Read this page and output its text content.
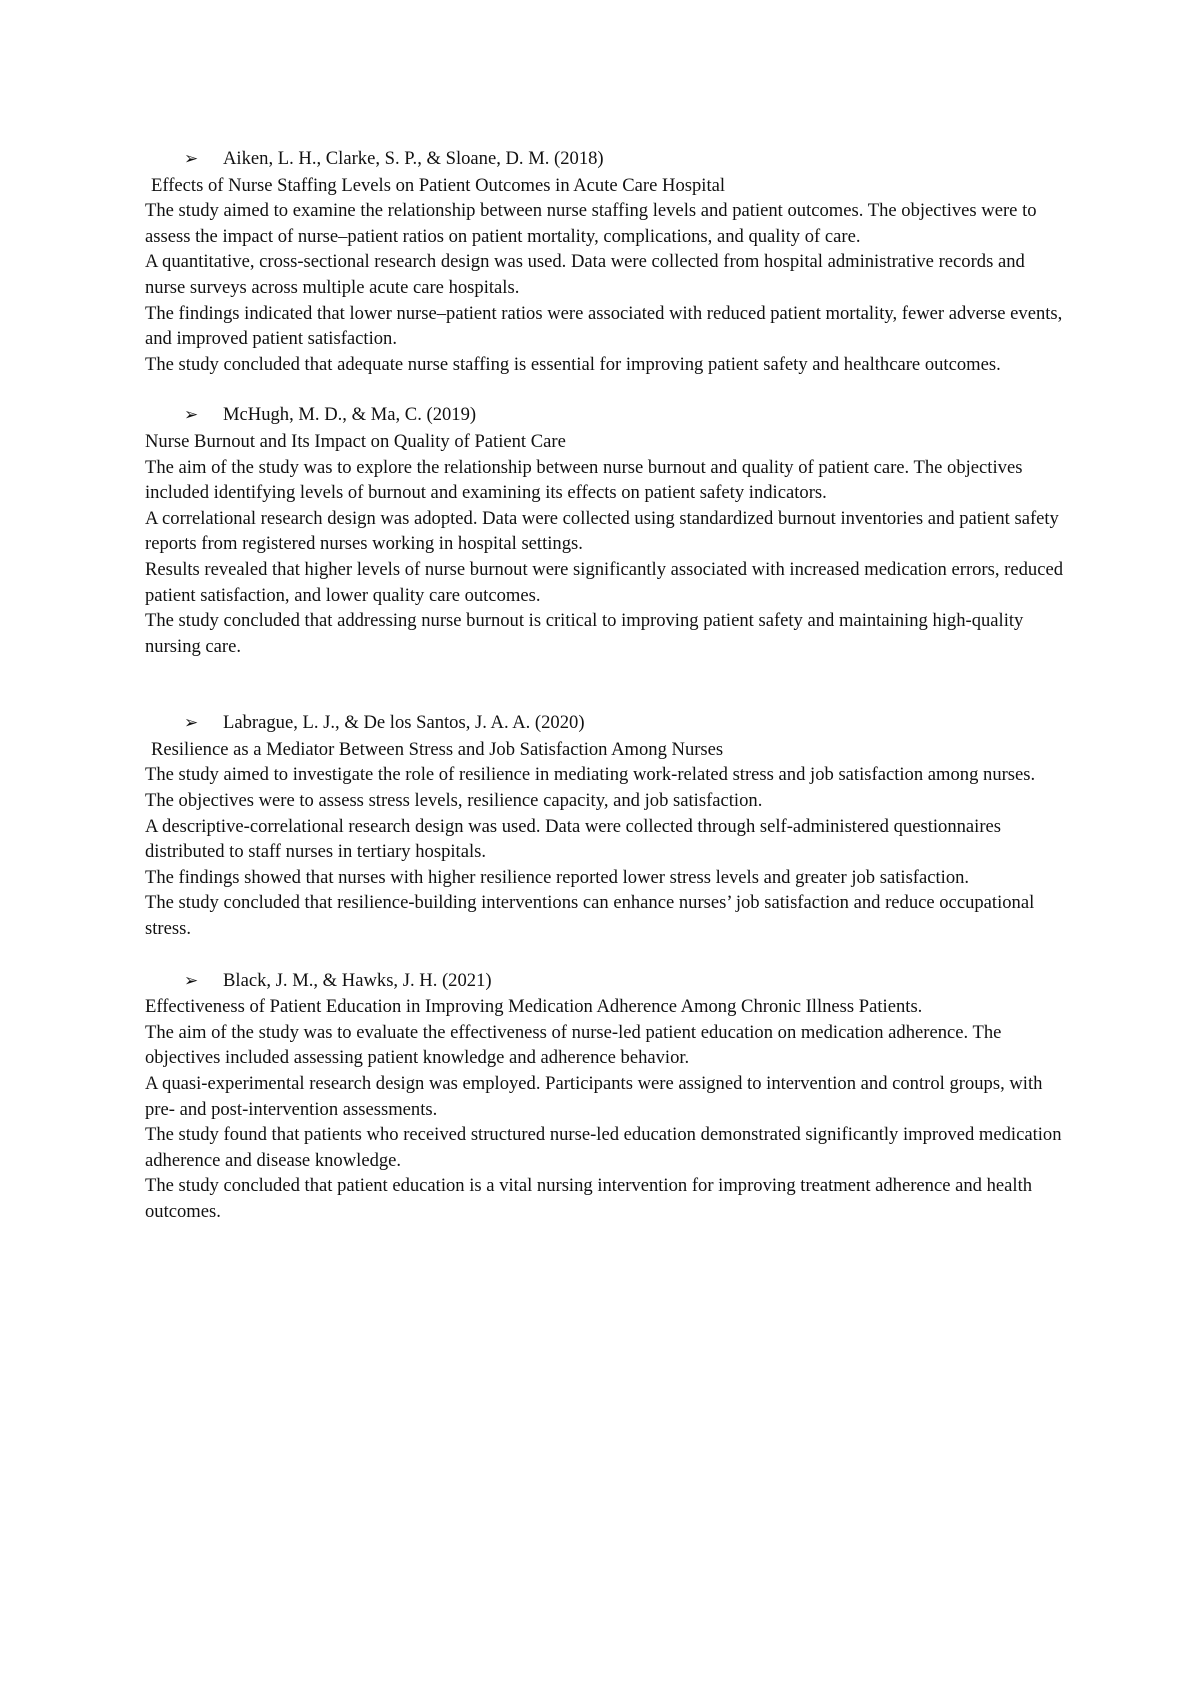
➢	Aiken, L. H., Clarke, S. P., & Sloane, D. M. (2018)

Effects of Nurse Staffing Levels on Patient Outcomes in Acute Care Hospital

The study aimed to examine the relationship between nurse staffing levels and patient outcomes. The objectives were to assess the impact of nurse–patient ratios on patient mortality, complications, and quality of care.

A quantitative, cross-sectional research design was used. Data were collected from hospital administrative records and nurse surveys across multiple acute care hospitals.

The findings indicated that lower nurse–patient ratios were associated with reduced patient mortality, fewer adverse events, and improved patient satisfaction.

The study concluded that adequate nurse staffing is essential for improving patient safety and healthcare outcomes.

➢	McHugh, M. D., & Ma, C. (2019)

Nurse Burnout and Its Impact on Quality of Patient Care

The aim of the study was to explore the relationship between nurse burnout and quality of patient care. The objectives included identifying levels of burnout and examining its effects on patient safety indicators.

A correlational research design was adopted. Data were collected using standardized burnout inventories and patient safety reports from registered nurses working in hospital settings.

Results revealed that higher levels of nurse burnout were significantly associated with increased medication errors, reduced patient satisfaction, and lower quality care outcomes.

The study concluded that addressing nurse burnout is critical to improving patient safety and maintaining high-quality nursing care.

➢	Labrague, L. J., & De los Santos, J. A. A. (2020)

Resilience as a Mediator Between Stress and Job Satisfaction Among Nurses

The study aimed to investigate the role of resilience in mediating work-related stress and job satisfaction among nurses. The objectives were to assess stress levels, resilience capacity, and job satisfaction.

A descriptive-correlational research design was used. Data were collected through self-administered questionnaires distributed to staff nurses in tertiary hospitals.

The findings showed that nurses with higher resilience reported lower stress levels and greater job satisfaction.

The study concluded that resilience-building interventions can enhance nurses’ job satisfaction and reduce occupational stress.

➢	Black, J. M., & Hawks, J. H. (2021)

Effectiveness of Patient Education in Improving Medication Adherence Among Chronic Illness Patients.

The aim of the study was to evaluate the effectiveness of nurse-led patient education on medication adherence. The objectives included assessing patient knowledge and adherence behavior.

A quasi-experimental research design was employed. Participants were assigned to intervention and control groups, with pre- and post-intervention assessments.

The study found that patients who received structured nurse-led education demonstrated significantly improved medication adherence and disease knowledge.

The study concluded that patient education is a vital nursing intervention for improving treatment adherence and health outcomes.
